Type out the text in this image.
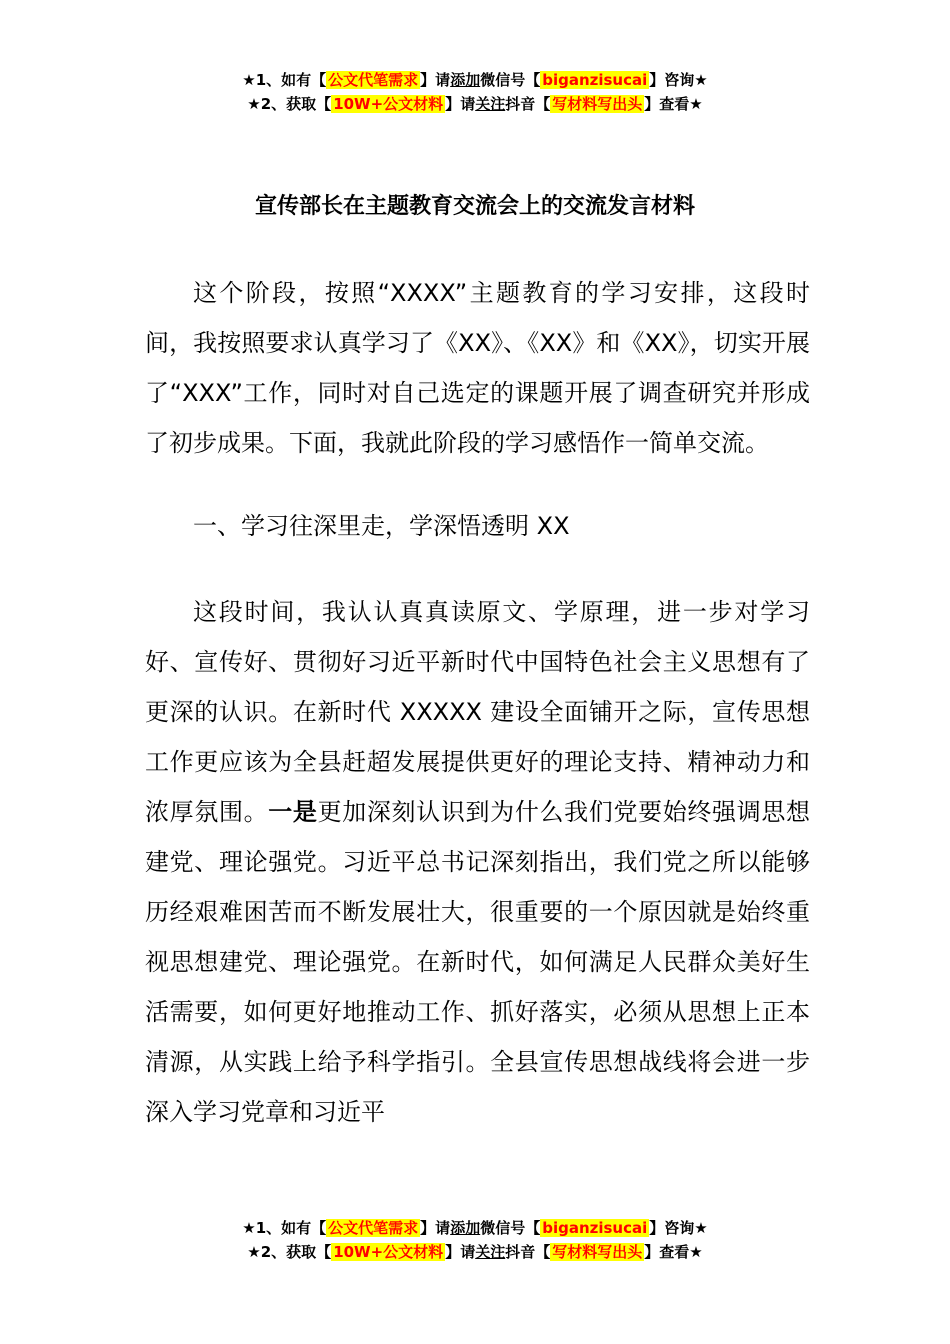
★1、如有【 公文代笔需求 】请添加微信号【 biganzisucai 】咨询★
★2、获取【 10W+公文材料 】请关注抖音【 写材料写出头 】查看★
宣传部长在主题教育交流会上的交流发言材料

这个阶段，按照“XXXX”主题教育的学习安排，这段时间，我按照要求认真学习了《XX》、《XX》和《XX》，切实开展了“XXX”工作，同时对自己选定的课题开展了调查研究并形成了初步成果。下面，我就此阶段的学习感悟作一简单交流。

一、学习往深里走，学深悟透明 XX

这段时间，我认认真真读原文、学原理，进一步对学习好、宣传好、贯彻好习近平新时代中国特色社会主义思想有了更深的认识。在新时代 XXXXX 建设全面铺开之际，宣传思想工作更应该为全县赶超发展提供更好的理论支持、精神动力和浓厚氛围。一是更加深刻认识到为什么我们党要始终强调思想建党、理论强党。习近平总书记深刻指出，我们党之所以能够历经艰难困苦而不断发展壮大，很重要的一个原因就是始终重视思想建党、理论强党。在新时代，如何满足人民群众美好生活需要，如何更好地推动工作、抓好落实，必须从思想上正本清源，从实践上给予科学指引。全县宣传思想战线将会进一步深入学习党章和习近平

★1、如有【 公文代笔需求 】请添加微信号【 biganzisucai 】咨询★
★2、获取【 10W+公文材料 】请关注抖音【 写材料写出头 】查看★
